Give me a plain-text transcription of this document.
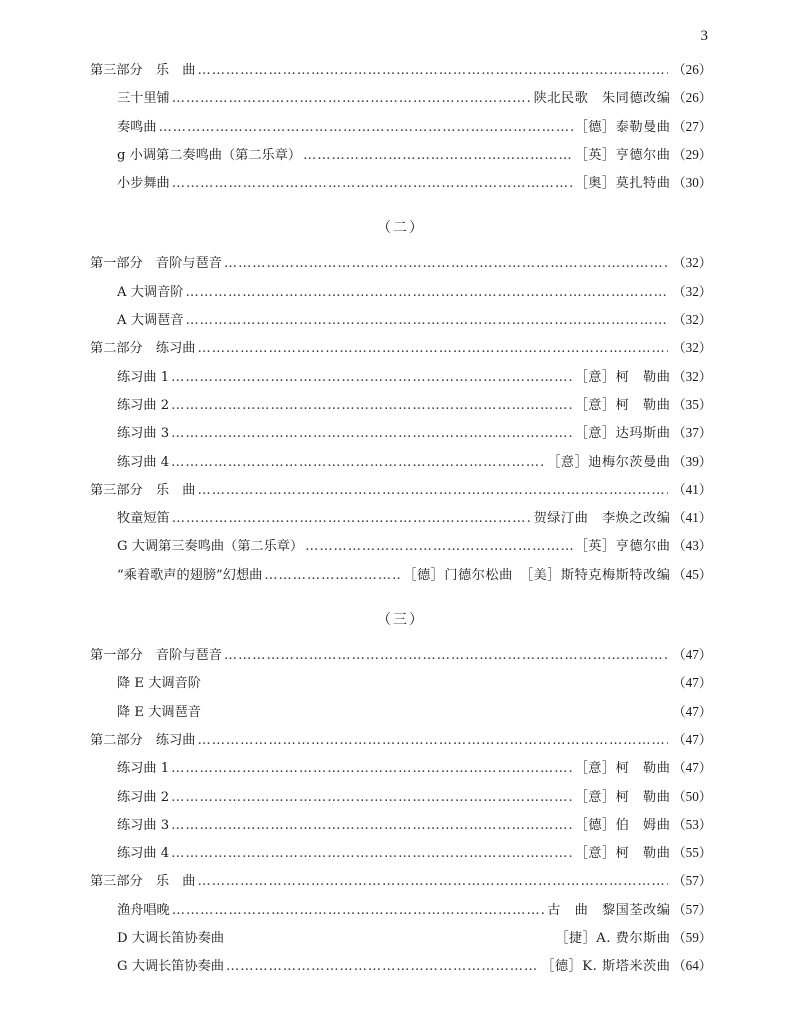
3
第三部分　乐　曲 ……………………………………………………………………………………………………………………………………………………………………………………	（26）
三十里铺 ……………………………………………………………………………………………………………………………………………………………………………………	陕北民歌　朱同德改编 （26）
奏鸣曲 ……………………………………………………………………………………………………………………………………………………………………………………	［德］泰勒曼曲 （27）
g 小调第二奏鸣曲（第二乐章） ……………………………………………………………………………………………………………………………………………………………………………………	［英］亨德尔曲 （29）
小步舞曲 ……………………………………………………………………………………………………………………………………………………………………………………	［奥］莫扎特曲 （30）
（二）
第一部分　音阶与琶音 ……………………………………………………………………………………………………………………………………………………………………………………	（32）
A 大调音阶 ……………………………………………………………………………………………………………………………………………………………………………………	（32）
A 大调琶音 ……………………………………………………………………………………………………………………………………………………………………………………	（32）
第二部分　练习曲 ……………………………………………………………………………………………………………………………………………………………………………………	（32）
练习曲 1 ……………………………………………………………………………………………………………………………………………………………………………………	［意］柯　勒曲 （32）
练习曲 2 ……………………………………………………………………………………………………………………………………………………………………………………	［意］柯　勒曲 （35）
练习曲 3 ……………………………………………………………………………………………………………………………………………………………………………………	［意］达玛斯曲 （37）
练习曲 4 ……………………………………………………………………………………………………………………………………………………………………………………	［意］迪梅尔茨曼曲 （39）
第三部分　乐　曲 ……………………………………………………………………………………………………………………………………………………………………………………	（41）
牧童短笛 ……………………………………………………………………………………………………………………………………………………………………………………	贺绿汀曲　李焕之改编 （41）
G 大调第三奏鸣曲（第二乐章） ……………………………………………………………………………………………………………………………………………………………………………………	［英］亨德尔曲 （43）
“乘着歌声的翅膀”幻想曲 ……………………………………………………………………………………………………………………………………………………………………………………	［德］门德尔松曲　［美］斯特克梅斯特改编 （45）
（三）
第一部分　音阶与琶音 ……………………………………………………………………………………………………………………………………………………………………………………	（47）
降 E 大调音阶	（47）
降 E 大调琶音	（47）
第二部分　练习曲 ……………………………………………………………………………………………………………………………………………………………………………………	（47）
练习曲 1 ……………………………………………………………………………………………………………………………………………………………………………………	［意］柯　勒曲 （47）
练习曲 2 ……………………………………………………………………………………………………………………………………………………………………………………	［意］柯　勒曲 （50）
练习曲 3 ……………………………………………………………………………………………………………………………………………………………………………………	［德］伯　姆曲 （53）
练习曲 4 ……………………………………………………………………………………………………………………………………………………………………………………	［意］柯　勒曲 （55）
第三部分　乐　曲 ……………………………………………………………………………………………………………………………………………………………………………………	（57）
渔舟唱晚 ……………………………………………………………………………………………………………………………………………………………………………………	古　曲　黎国荃改编 （57）
D 大调长笛协奏曲	［捷］A. 费尔斯曲 （59）
G 大调长笛协奏曲 ……………………………………………………………………………………………………………………………………………………………………………………	［德］K. 斯塔米茨曲 （64）
